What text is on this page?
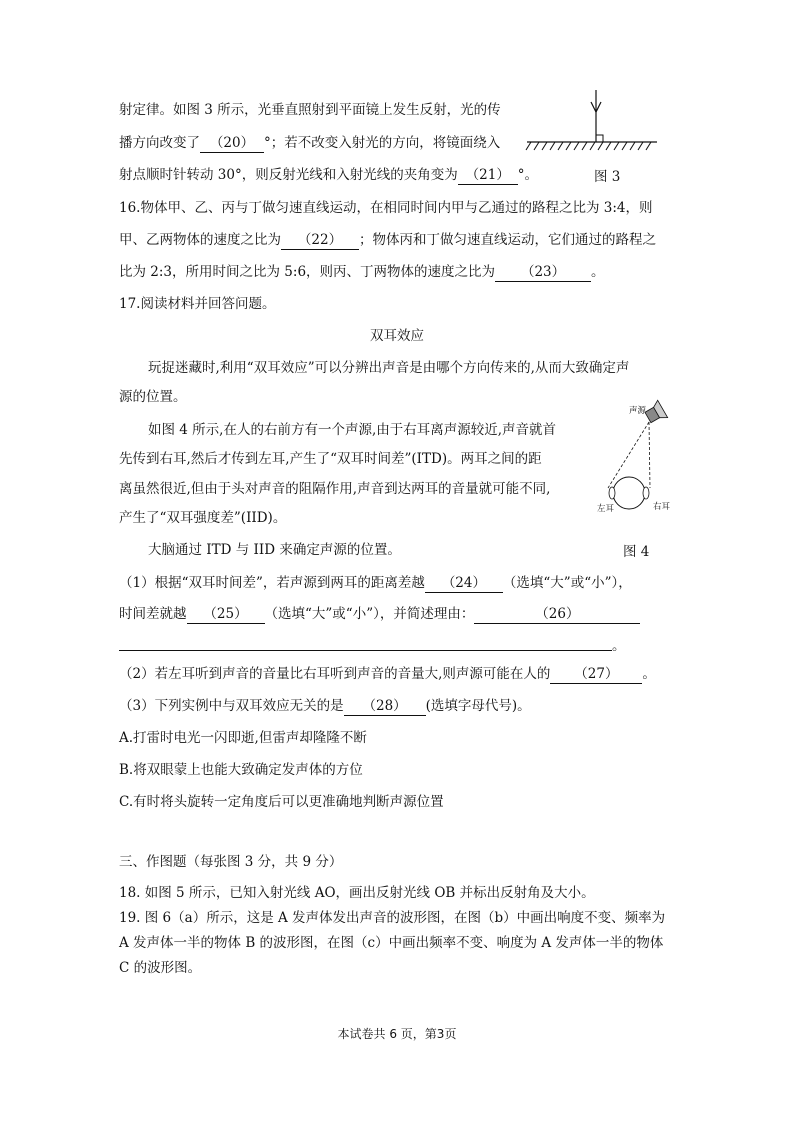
射定律。如图 3 所示，光垂直照射到平面镜上发生反射，光的传
播方向改变了 （20） °；若不改变入射光的方向，将镜面绕入
射点顺时针转动 30°，则反射光线和入射光线的夹角变为 （21） °。	图 3
16.物体甲、乙、丙与丁做匀速直线运动，在相同时间内甲与乙通过的路程之比为 3:4，则
甲、乙两物体的速度之比为 （22） ；物体丙和丁做匀速直线运动，它们通过的路程之
比为 2:3，所用时间之比为 5:6，则丙、丁两物体的速度之比为 （23） 。
17.阅读材料并回答问题。
双耳效应
玩捉迷藏时,利用“双耳效应”可以分辨出声音是由哪个方向传来的,从而大致确定声
源的位置。
如图 4 所示,在人的右前方有一个声源,由于右耳离声源较近,声音就首
先传到右耳,然后才传到左耳,产生了“双耳时间差”(ITD)。两耳之间的距
离虽然很近,但由于头对声音的阻隔作用,声音到达两耳的音量就可能不同,
产生了“双耳强度差”(IID)。
声源
左耳	右耳
大脑通过 ITD 与 IID 来确定声源的位置。	图 4
（1）根据“双耳时间差”，若声源到两耳的距离差越 （24） （选填“大”或“小”），
时间差就越 （25） （选填“大”或“小”），并简述理由：	（26）
。
（2）若左耳听到声音的音量比右耳听到声音的音量大,则声源可能在人的 （27） 。
（3）下列实例中与双耳效应无关的是 （28） (选填字母代号)。
A.打雷时电光一闪即逝,但雷声却隆隆不断
B.将双眼蒙上也能大致确定发声体的方位
C.有时将头旋转一定角度后可以更准确地判断声源位置
三、作图题（每张图 3 分，共 9 分）
18. 如图 5 所示，已知入射光线 AO，画出反射光线 OB 并标出反射角及大小。
19. 图 6（a）所示，这是 A 发声体发出声音的波形图，在图（b）中画出响度不变、频率为
A 发声体一半的物体 B 的波形图，在图（c）中画出频率不变、响度为 A 发声体一半的物体
C 的波形图。
本试卷共 6 页，第3页
